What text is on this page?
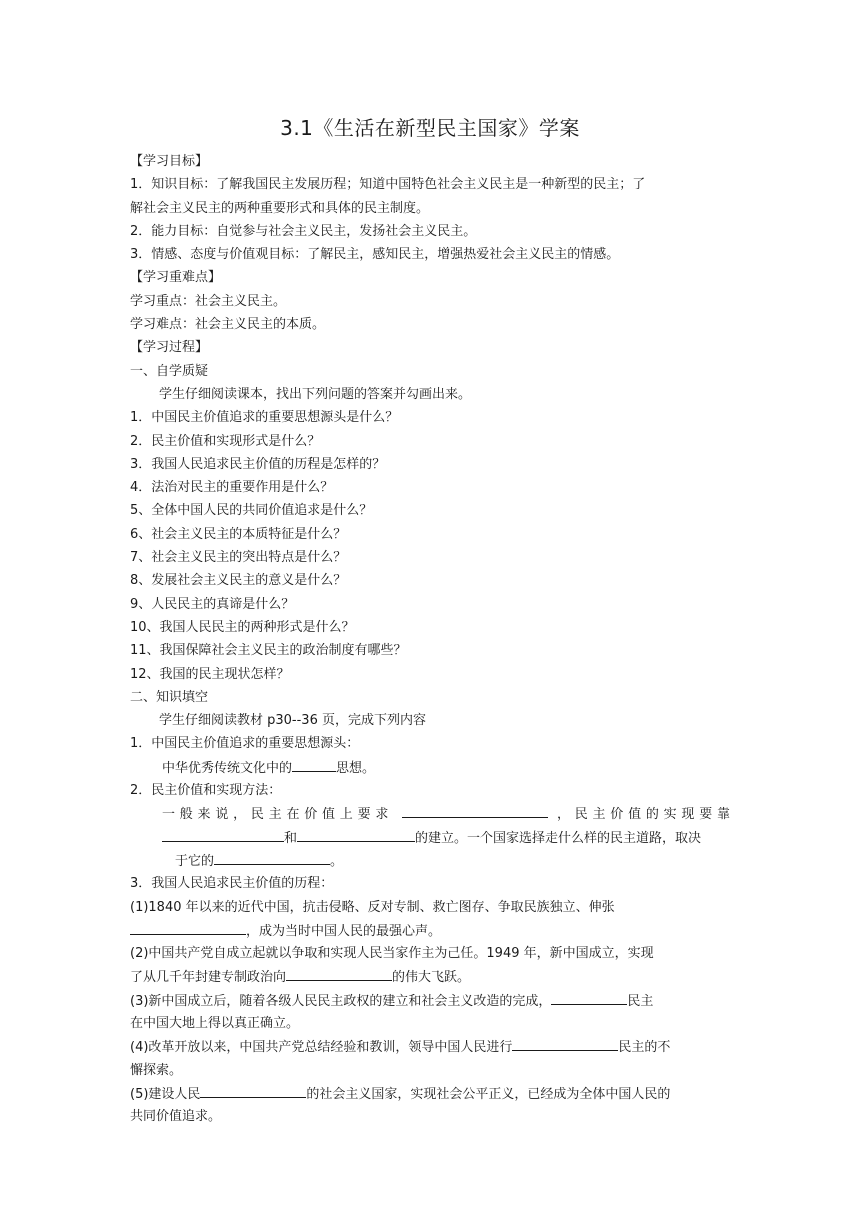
3.1《生活在新型民主国家》学案
【学习目标】
1．知识目标：了解我国民主发展历程；知道中国特色社会主义民主是一种新型的民主；了
解社会主义民主的两种重要形式和具体的民主制度。
2．能力目标：自觉参与社会主义民主，发扬社会主义民主。
3．情感、态度与价值观目标：了解民主，感知民主，增强热爱社会主义民主的情感。
【学习重难点】
学习重点：社会主义民主。
学习难点：社会主义民主的本质。
【学习过程】
一、自学质疑
学生仔细阅读课本，找出下列问题的答案并勾画出来。
1．中国民主价值追求的重要思想源头是什么？
2．民主价值和实现形式是什么？
3．我国人民追求民主价值的历程是怎样的？
4．法治对民主的重要作用是什么？
5、全体中国人民的共同价值追求是什么？
6、社会主义民主的本质特征是什么？
7、社会主义民主的突出特点是什么？
8、发展社会主义民主的意义是什么？
9、人民民主的真谛是什么？
10、我国人民民主的两种形式是什么？
11、我国保障社会主义民主的政治制度有哪些？
12、我国的民主现状怎样？
二、知识填空
学生仔细阅读教材 p30--36 页，完成下列内容
1．中国民主价值追求的重要思想源头：
中华优秀传统文化中的	思想。
2．民主价值和实现方法：
一般来说，民主在价值上要求	，民主价值的实现要靠
和	的建立。一个国家选择走什么样的民主道路，取决
于它的	。
3．我国人民追求民主价值的历程：
(1)1840 年以来的近代中国，抗击侵略、反对专制、救亡图存、争取民族独立、伸张
，成为当时中国人民的最强心声。
(2)中国共产党自成立起就以争取和实现人民当家作主为己任。1949 年，新中国成立，实现
了从几千年封建专制政治向	的伟大飞跃。
(3)新中国成立后，随着各级人民民主政权的建立和社会主义改造的完成，	民主
在中国大地上得以真正确立。
(4)改革开放以来，中国共产党总结经验和教训，领导中国人民进行	民主的不
懈探索。
(5)建设人民	的社会主义国家，实现社会公平正义，已经成为全体中国人民的
共同价值追求。
